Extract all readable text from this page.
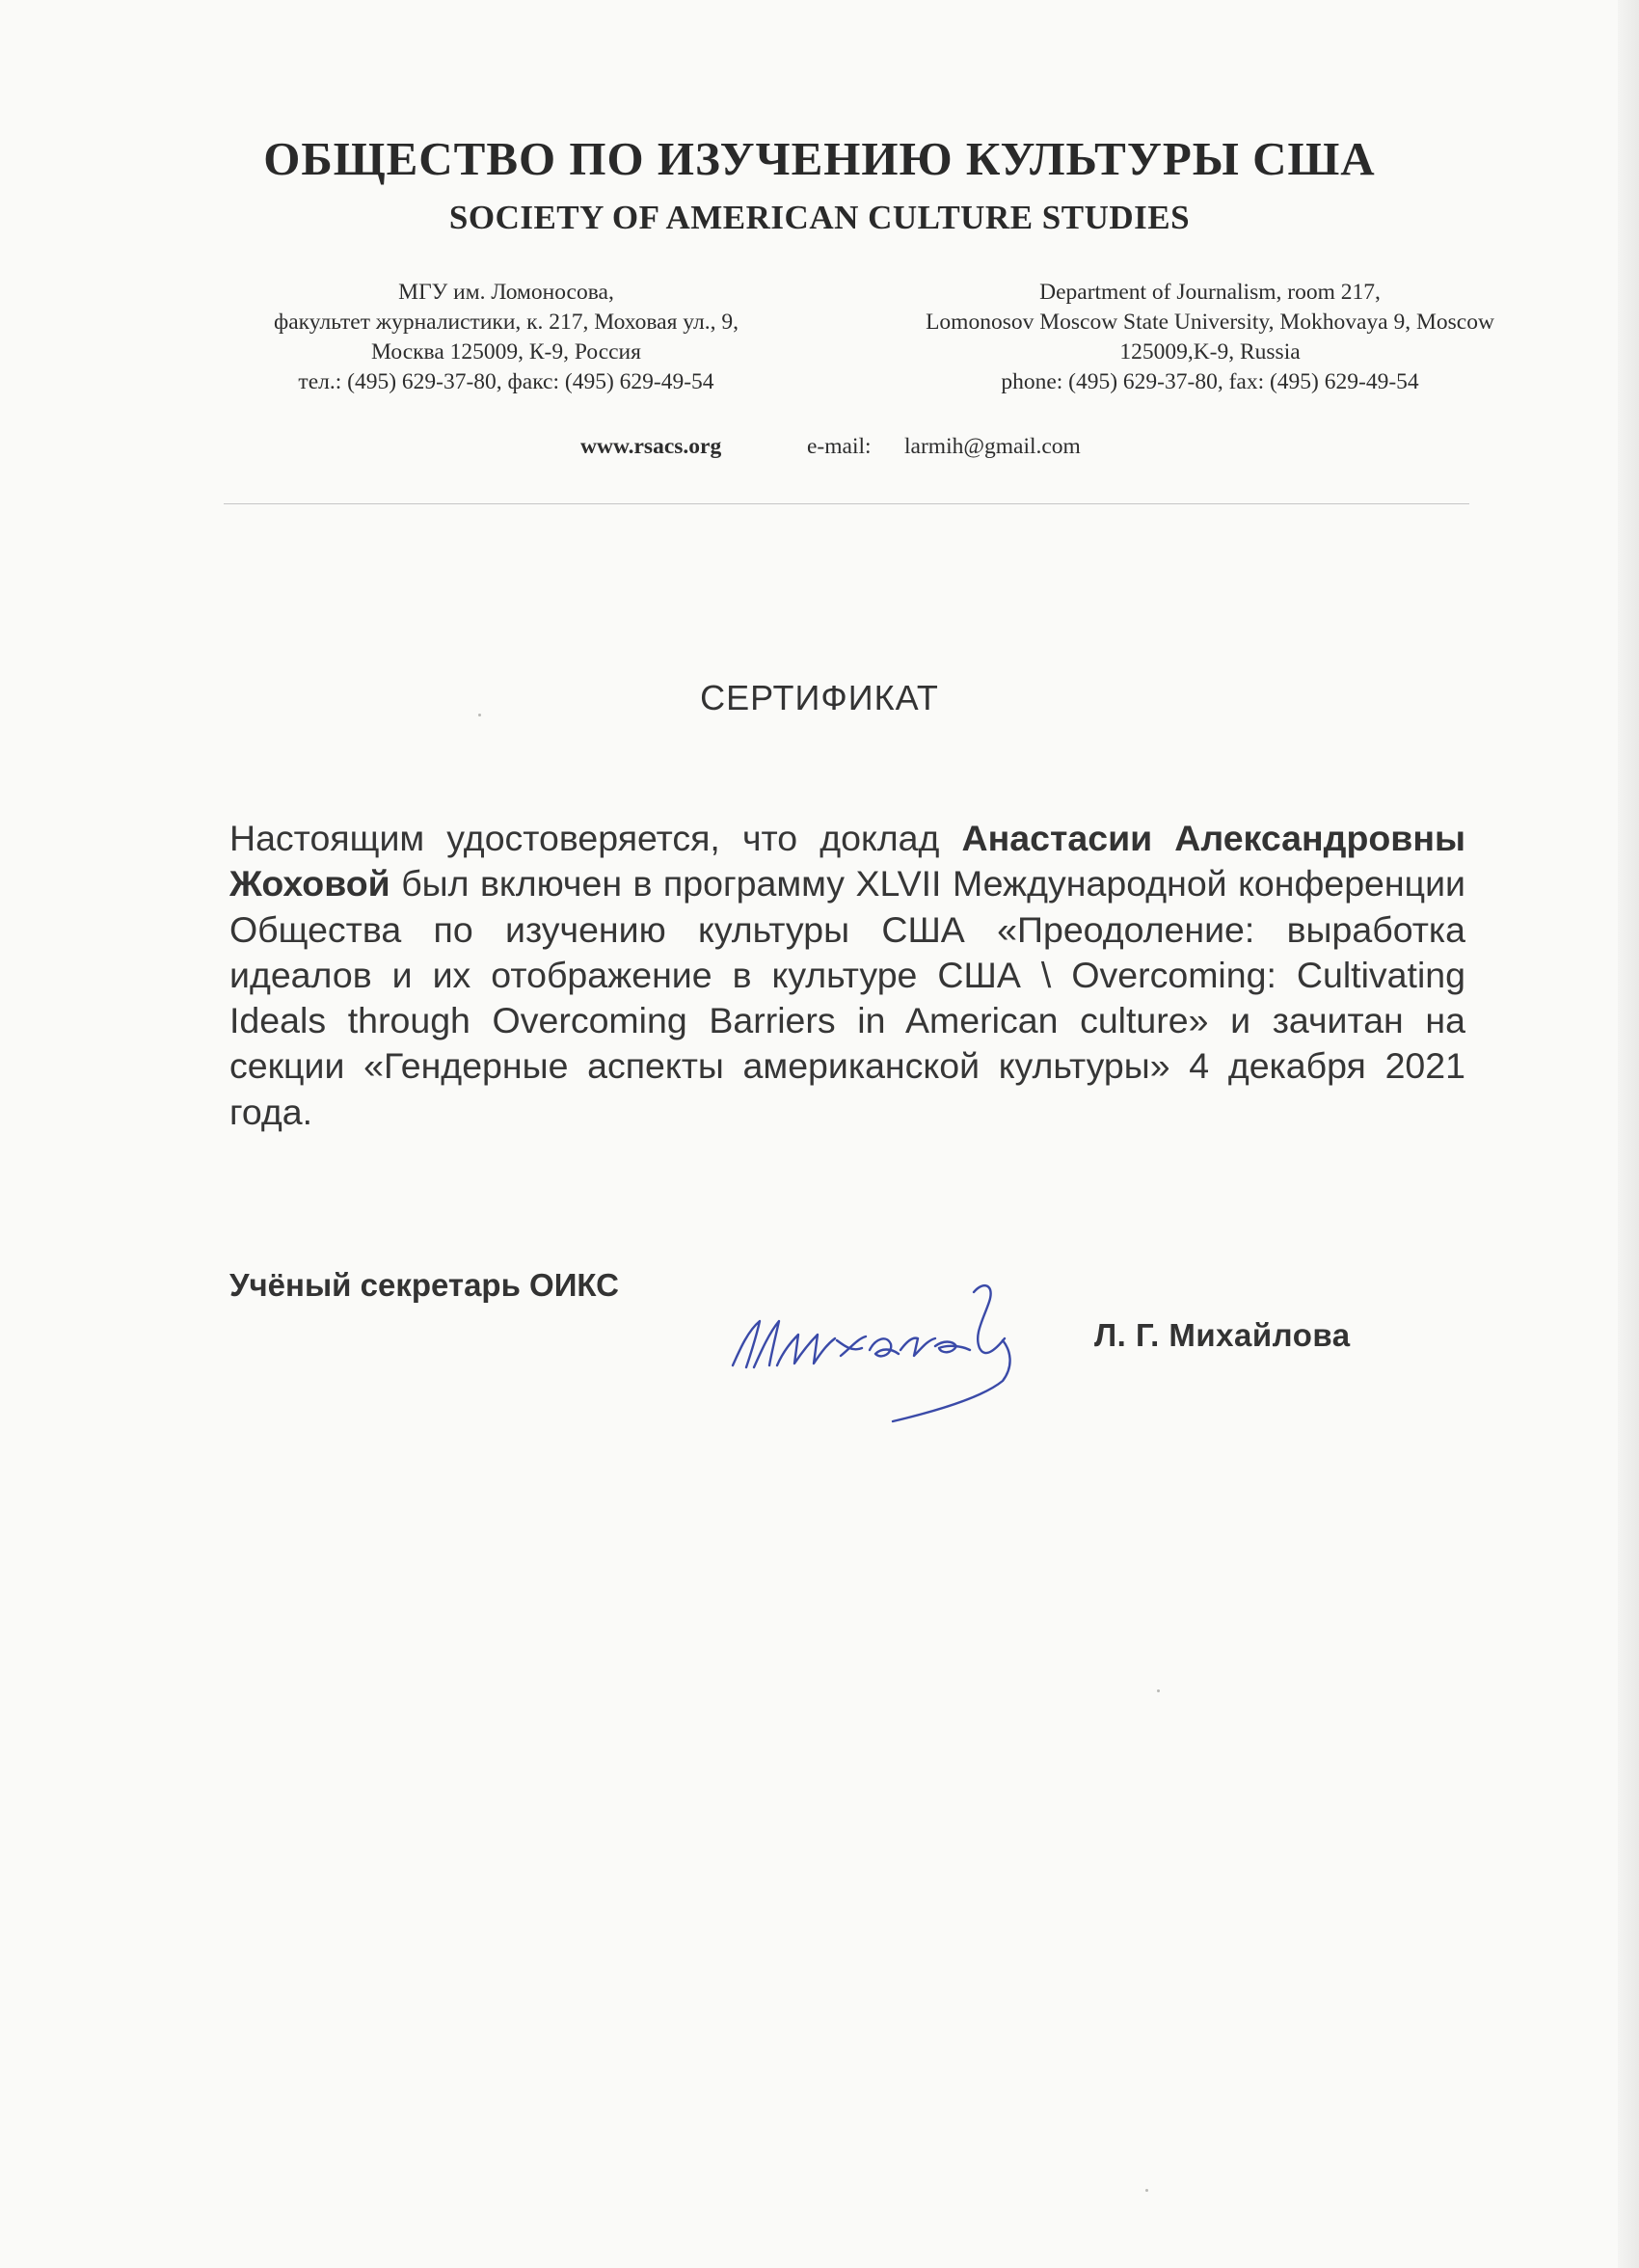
ОБЩЕСТВО ПО ИЗУЧЕНИЮ КУЛЬТУРЫ США
SOCIETY OF AMERICAN CULTURE STUDIES
МГУ им. Ломоносова,
факультет журналистики, к. 217, Моховая ул., 9,
Москва 125009, К-9, Россия
тел.: (495) 629-37-80, факс: (495) 629-49-54
Department of Journalism, room 217,
Lomonosov Moscow State University, Mokhovaya 9, Moscow
125009,K-9, Russia
phone: (495) 629-37-80, fax: (495) 629-49-54
www.rsacs.org	e-mail: larmih@gmail.com
СЕРТИФИКАТ
Настоящим удостоверяется, что доклад Анастасии Александровны Жоховой был включен в программу XLVII Международной конференции Общества по изучению культуры США «Преодоление: выработка идеалов и их отображение в культуре США \ Overcoming: Cultivating Ideals through Overcoming Barriers in American culture» и зачитан на секции «Гендерные аспекты американской культуры» 4 декабря 2021 года.
Учёный секретарь ОИКС
Л. Г. Михайлова
